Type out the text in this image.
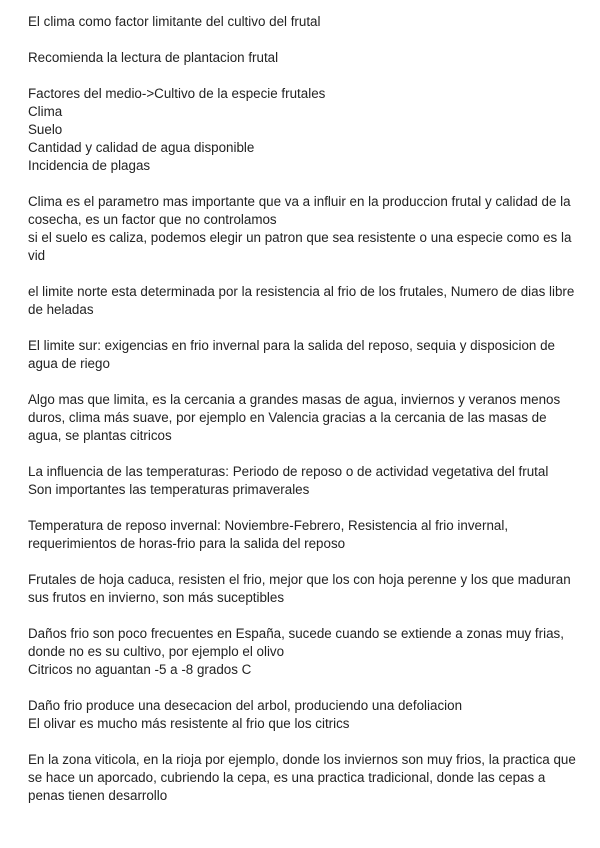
El clima como factor limitante del cultivo del frutal
Recomienda la lectura de plantacion frutal
Factores del medio->Cultivo de la especie frutales
Clima
Suelo
Cantidad y calidad de agua disponible
Incidencia de plagas
Clima es el parametro mas importante que va a influir en la produccion frutal y calidad de la cosecha, es un factor que no controlamos
si el suelo es caliza, podemos elegir un patron que sea resistente o una especie como es la vid
el limite norte esta determinada por la resistencia al frio de los frutales, Numero de dias libre de heladas
El limite sur: exigencias en frio invernal para la salida del reposo, sequia y disposicion de agua de riego
Algo mas que limita, es la cercania a grandes masas de agua, inviernos y veranos menos duros, clima más suave, por ejemplo en Valencia gracias a la cercania de las masas de agua, se plantas citricos
La influencia de las temperaturas: Periodo de reposo o de actividad vegetativa del frutal
Son importantes las temperaturas primaverales
Temperatura de reposo invernal: Noviembre-Febrero, Resistencia al frio invernal, requerimientos de horas-frio para la salida del reposo
Frutales de hoja caduca, resisten el frio, mejor que los con hoja perenne y los que maduran sus frutos en invierno, son más suceptibles
Daños frio son poco frecuentes en España, sucede cuando se extiende a zonas muy frias, donde no es su cultivo, por ejemplo el olivo
Citricos no aguantan -5 a -8 grados C
Daño frio produce una desecacion del arbol, produciendo una defoliacion
El olivar es mucho más resistente al frio que los citrics
En la zona viticola, en la rioja por ejemplo, donde los inviernos son muy frios, la practica que se hace un aporcado, cubriendo la cepa, es una practica tradicional, donde las cepas a penas tienen desarrollo
